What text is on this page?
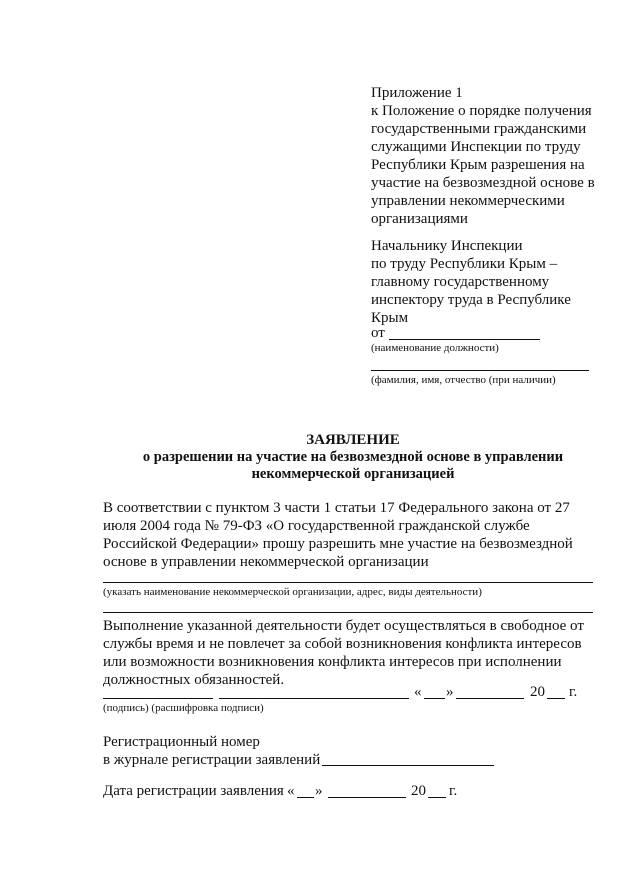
Приложение 1
к Положение о порядке получения
государственными гражданскими
служащими Инспекции по труду
Республики Крым разрешения на
участие на безвозмездной основе в
управлении некоммерческими
организациями
Начальнику Инспекции
по труду Республики Крым –
главному государственному
инспектору труда в Республике
Крым
от
(наименование должности)
(фамилия, имя, отчество (при наличии)
ЗАЯВЛЕНИЕ
о разрешении на участие на безвозмездной основе в управлении
некоммерческой организацией
В соответствии с пунктом 3 части 1 статьи 17 Федерального закона от 27
июля 2004 года № 79-ФЗ «О государственной гражданской службе
Российской Федерации» прошу разрешить мне участие на безвозмездной
основе в управлении некоммерческой организации
(указать наименование некоммерческой организации, адрес, виды деятельности)
Выполнение указанной деятельности будет осуществляться в свободное от
службы время и не повлечет за собой возникновения конфликта интересов
или возможности возникновения конфликта интересов при исполнении
должностных обязанностей.
« »	20 г.
(подпись) (расшифровка подписи)
Регистрационный номер
в журнале регистрации заявлений
Дата регистрации заявления « »	20 г.
